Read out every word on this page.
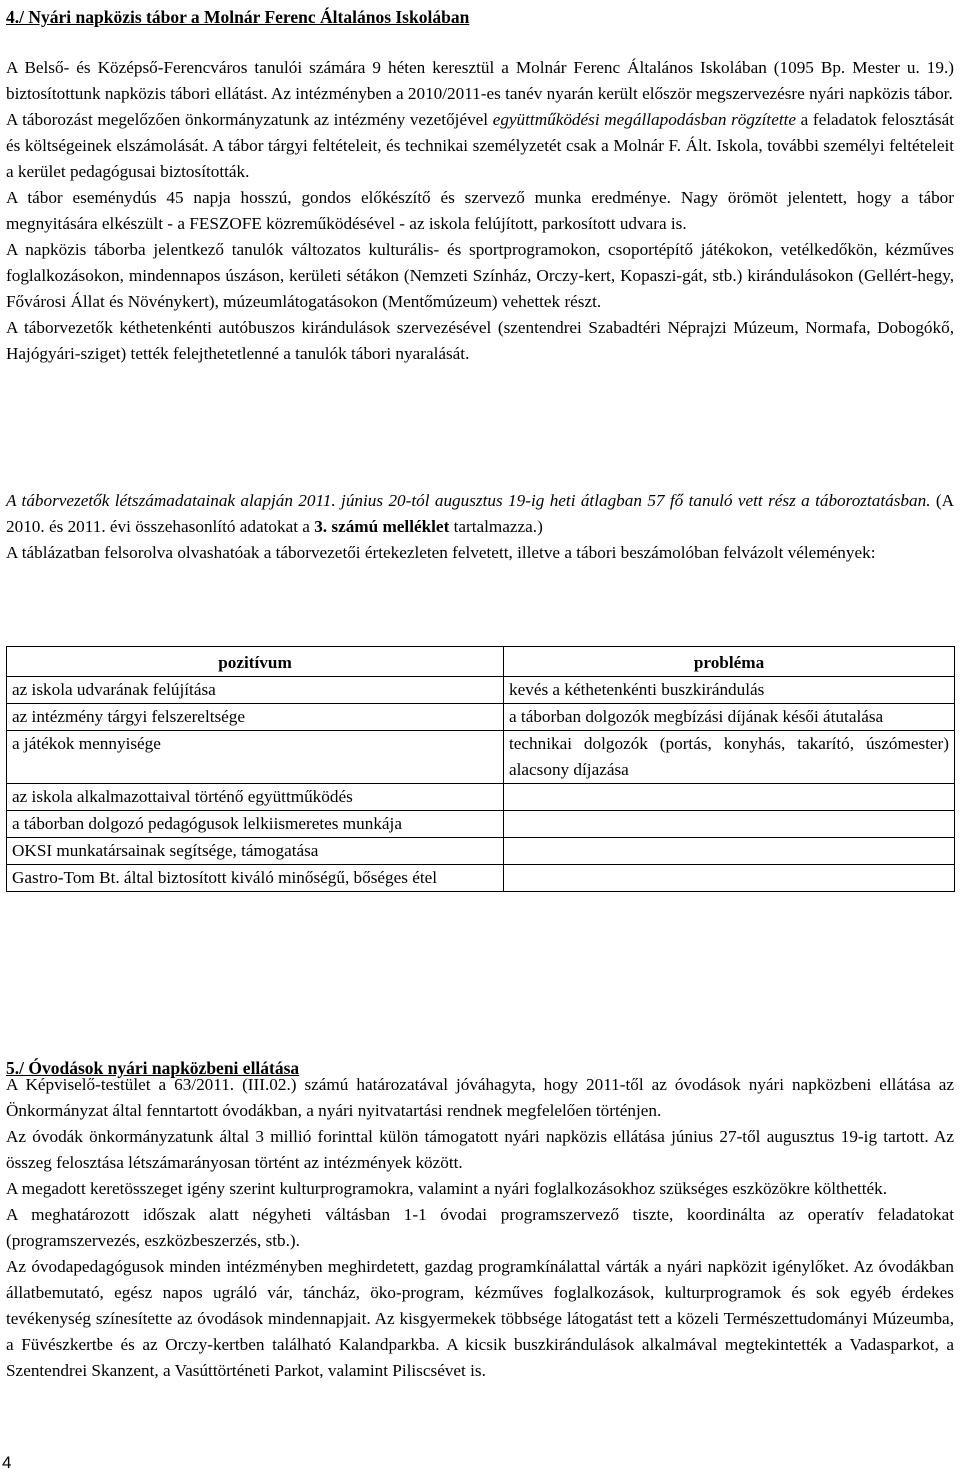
4./ Nyári napközis tábor a Molnár Ferenc Általános Iskolában

A Belső- és Középső-Ferencváros tanulói számára 9 héten keresztül a Molnár Ferenc Általános Iskolában (1095 Bp. Mester u. 19.) biztosítottunk napközis tábori ellátást. Az intézményben a 2010/2011-es tanév nyarán került először megszervezésre nyári napközis tábor.

A táborozást megelőzően önkormányzatunk az intézmény vezetőjével együttműködési megállapodásban rögzítette a feladatok felosztását és költségeinek elszámolását. A tábor tárgyi feltételeit, és technikai személyzetét csak a Molnár F. Ált. Iskola, további személyi feltételeit a kerület pedagógusai biztosították.

A tábor eseménydús 45 napja hosszú, gondos előkészítő és szervező munka eredménye. Nagy örömöt jelentett, hogy a tábor megnyitására elkészült - a FESZOFE közreműködésével - az iskola felújított, parkosított udvara is.

A napközis táborba jelentkező tanulók változatos kulturális- és sportprogramokon, csoportépítő játékokon, vetélkedőkön, kézműves foglalkozásokon, mindennapos úszáson, kerületi sétákon (Nemzeti Színház, Orczy-kert, Kopaszi-gát, stb.) kirándulásokon (Gellért-hegy, Fővárosi Állat és Növénykert), múzeumlátogatásokon (Mentőmúzeum) vehettek részt.

A táborvezetők kéthetenkénti autóbuszos kirándulások szervezésével (szentendrei Szabadtéri Néprajzi Múzeum, Normafa, Dobogókő, Hajógyári-sziget) tették felejthetetlenné a tanulók tábori nyaralását.

A táborvezetők létszámadatainak alapján 2011. június 20-tól augusztus 19-ig heti átlagban 57 fő tanuló vett rész a táboroztatásban. (A 2010. és 2011. évi összehasonlító adatokat a 3. számú melléklet tartalmazza.)

A táblázatban felsorolva olvashatóak a táborvezetői értekezleten felvetett, illetve a tábori beszámolóban felvázolt vélemények:

pozitívum	probléma
az iskola udvarának felújítása	kevés a kéthetenkénti buszkirándulás
az intézmény tárgyi felszereltsége	a táborban dolgozók megbízási díjának késői átutalása
a játékok mennyisége	technikai dolgozók (portás, konyhás, takarító, úszómester) alacsony díjazása
az iskola alkalmazottaival történő együttműködés	
a táborban dolgozó pedagógusok lelkiismeretes munkája	
OKSI munkatársainak segítsége, támogatása	
Gastro-Tom Bt. által biztosított kiváló minőségű, bőséges étel	
5./ Óvodások nyári napközbeni ellátása

A Képviselő-testület a 63/2011. (III.02.) számú határozatával jóváhagyta, hogy 2011-től az óvodások nyári napközbeni ellátása az Önkormányzat által fenntartott óvodákban, a nyári nyitvatartási rendnek megfelelően történjen.

Az óvodák önkormányzatunk által 3 millió forinttal külön támogatott nyári napközis ellátása június 27-től augusztus 19-ig tartott. Az összeg felosztása létszámarányosan történt az intézmények között.

A megadott keretösszeget igény szerint kulturprogramokra, valamint a nyári foglalkozásokhoz szükséges eszközökre költhették.

A meghatározott időszak alatt négyheti váltásban 1-1 óvodai programszervező tiszte, koordinálta az operatív feladatokat (programszervezés, eszközbeszerzés, stb.).

Az óvodapedagógusok minden intézményben meghirdetett, gazdag programkínálattal várták a nyári napközit igénylőket. Az óvodákban állatbemutató, egész napos ugráló vár, táncház, öko-program, kézműves foglalkozások, kulturprogramok és sok egyéb érdekes tevékenység színesítette az óvodások mindennapjait. Az kisgyermekek többsége látogatást tett a közeli Természettudományi Múzeumba, a Füvészkertbe és az Orczy-kertben található Kalandparkba. A kicsik buszkirándulások alkalmával megtekintették a Vadasparkot, a Szentendrei Skanzent, a Vasúttörténeti Parkot, valamint Piliscsévet is.

4
